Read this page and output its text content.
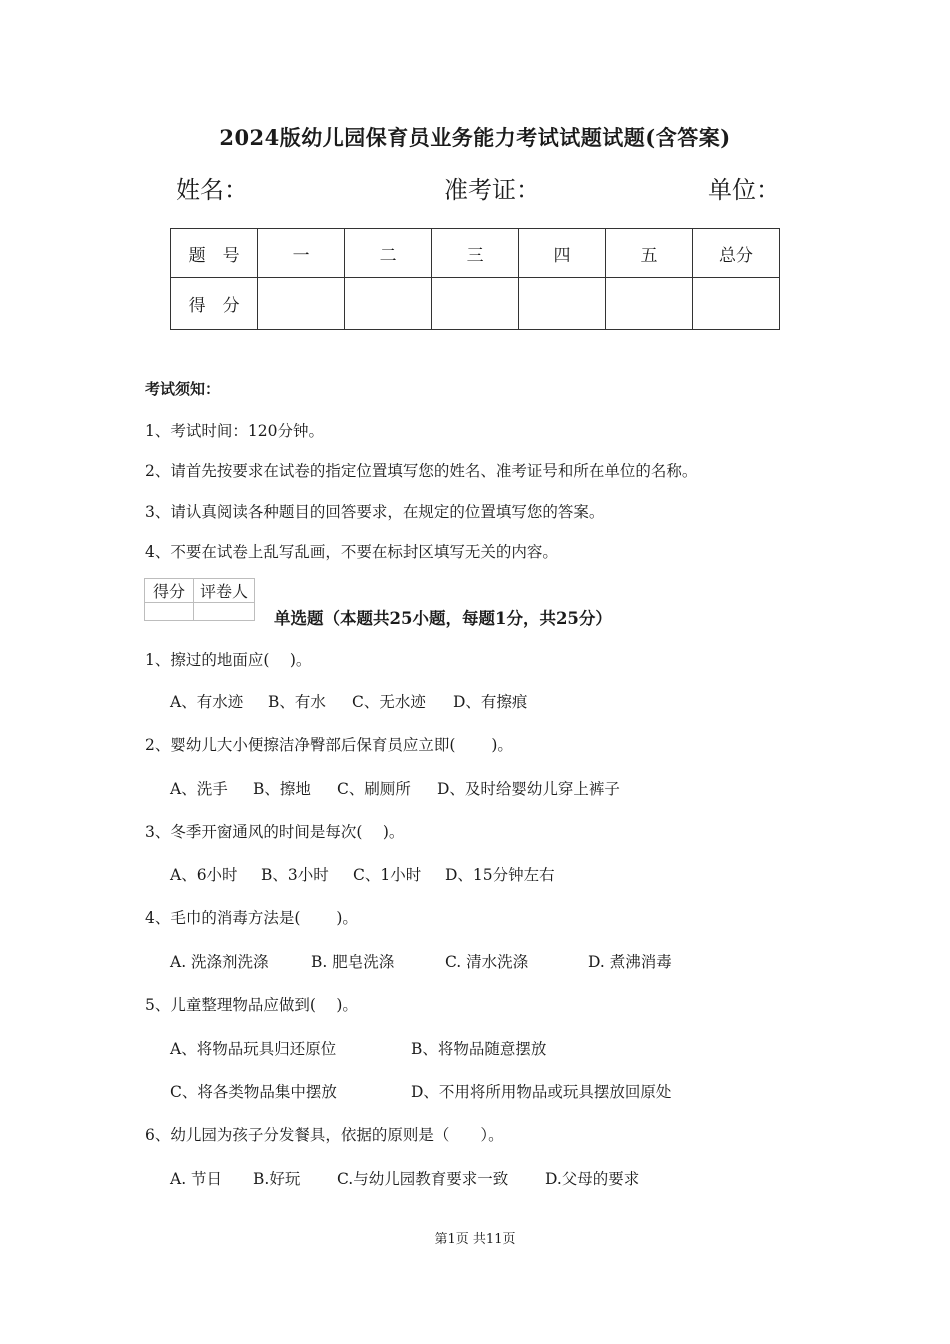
2024版幼儿园保育员业务能力考试试题试题(含答案)
姓名：	准考证：	单位：
题　号	一	二	三	四	五	总分
得　分						
考试须知：
1、考试时间：120分钟。
2、请首先按要求在试卷的指定位置填写您的姓名、准考证号和所在单位的名称。
3、请认真阅读各种题目的回答要求，在规定的位置填写您的答案。
4、不要在试卷上乱写乱画，不要在标封区填写无关的内容。
得分	评卷人

单选题（本题共25小题，每题1分，共25分）
1、擦过的地面应(　 )。
A、有水迹 B、有水 C、无水迹 D、有擦痕
2、婴幼儿大小便擦洁净臀部后保育员应立即(　　 )。
A、洗手 B、擦地 C、刷厕所 D、及时给婴幼儿穿上裤子
3、冬季开窗通风的时间是每次(　 )。
A、6小时 B、3小时 C、1小时 D、15分钟左右
4、毛巾的消毒方法是(　　 )。
A. 洗涤剂洗涤	B. 肥皂洗涤	C. 清水洗涤	D. 煮沸消毒
5、儿童整理物品应做到(　 )。
A、将物品玩具归还原位	B、将物品随意摆放
C、将各类物品集中摆放	D、不用将所用物品或玩具摆放回原处
6、幼儿园为孩子分发餐具，依据的原则是（　　）。
A. 节日 B.好玩 C.与幼儿园教育要求一致 D.父母的要求
第1页 共11页
